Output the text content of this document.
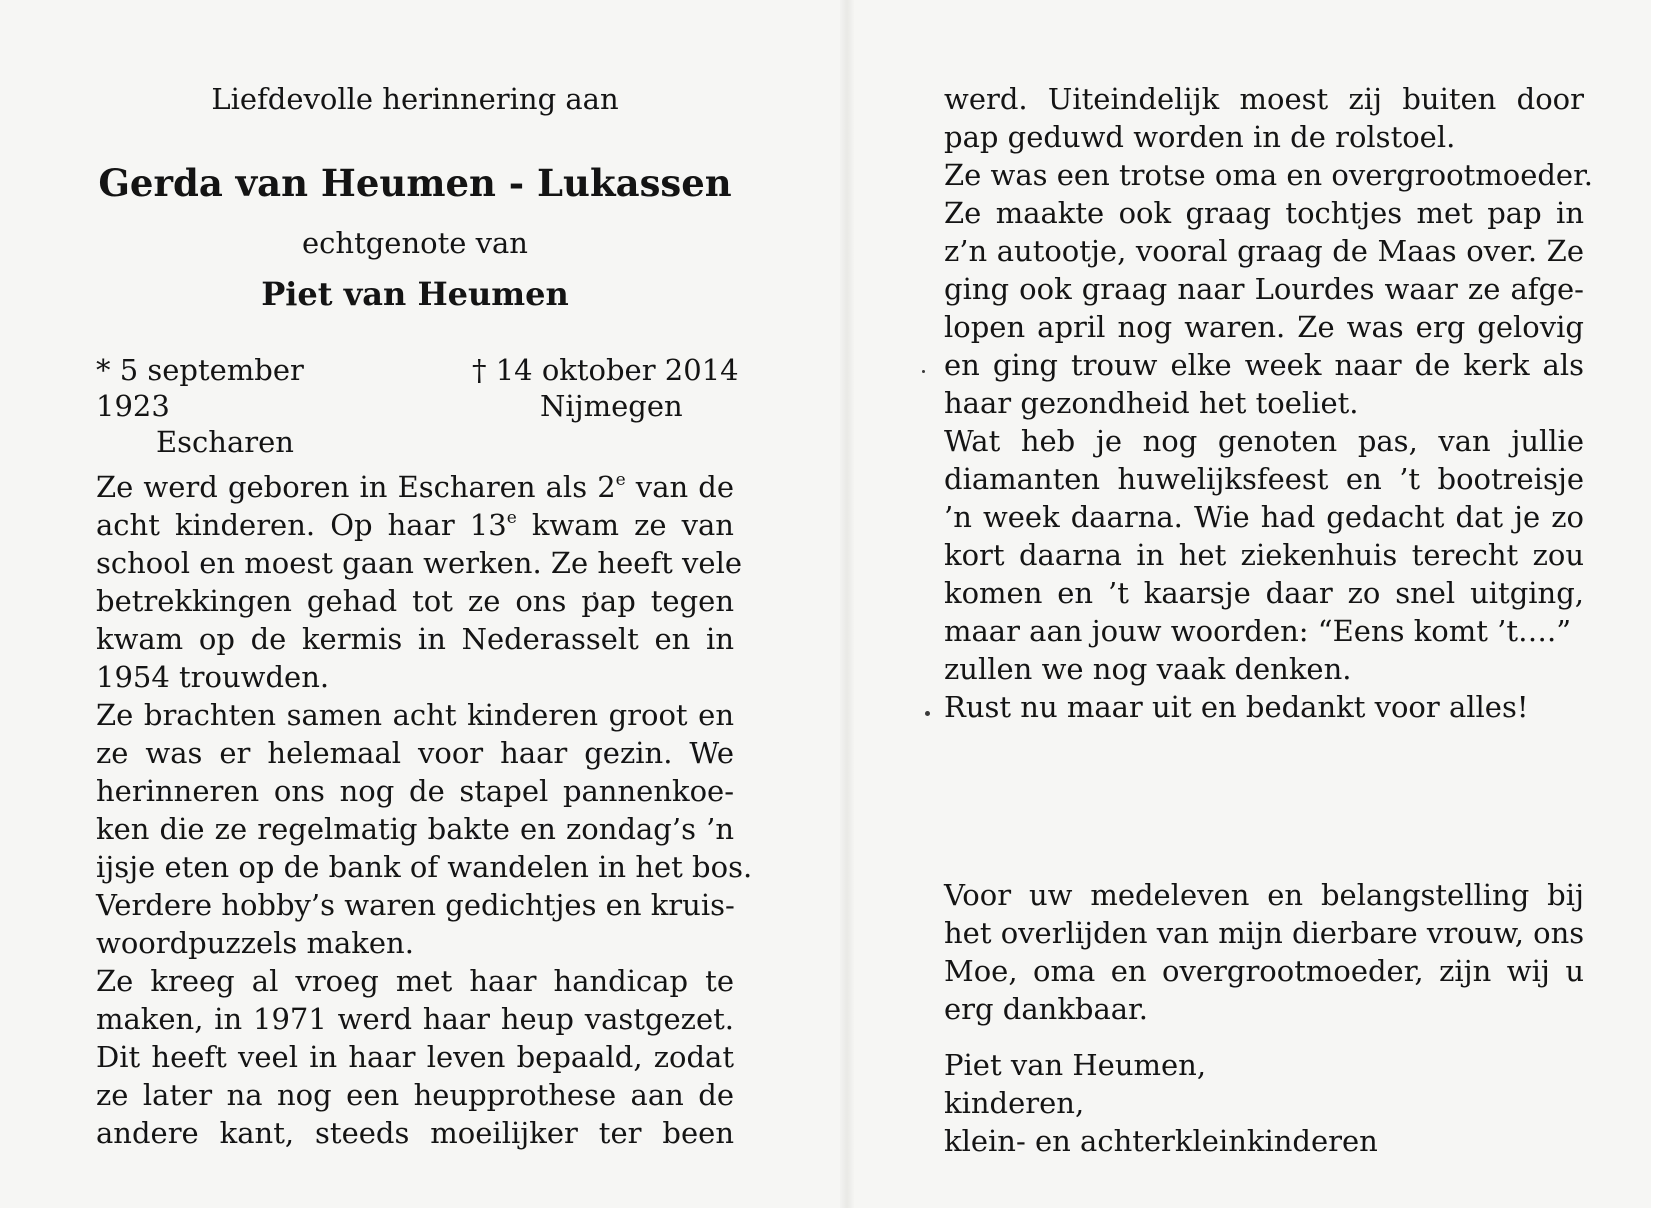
Liefdevolle herinnering aan
Gerda van Heumen - Lukassen
echtgenote van
Piet van Heumen
* 5 september 1923
Escharen
† 14 oktober 2014
Nijmegen
Ze werd geboren in Escharen als 2e van de
acht kinderen. Op haar 13e kwam ze van
school en moest gaan werken. Ze heeft vele
betrekkingen gehad tot ze ons pap tegen
kwam op de kermis in Nederasselt en in
1954 trouwden.
Ze brachten samen acht kinderen groot en
ze was er helemaal voor haar gezin. We
herinneren ons nog de stapel pannenkoe-
ken die ze regelmatig bakte en zondag’s ’n
ijsje eten op de bank of wandelen in het bos.
Verdere hobby’s waren gedichtjes en kruis-
woordpuzzels maken.
Ze kreeg al vroeg met haar handicap te
maken, in 1971 werd haar heup vastgezet.
Dit heeft veel in haar leven bepaald, zodat
ze later na nog een heupprothese aan de
andere kant, steeds moeilijker ter been
werd. Uiteindelijk moest zij buiten door
pap geduwd worden in de rolstoel.
Ze was een trotse oma en overgrootmoeder.
Ze maakte ook graag tochtjes met pap in
z’n autootje, vooral graag de Maas over. Ze
ging ook graag naar Lourdes waar ze afge-
lopen april nog waren. Ze was erg gelovig
en ging trouw elke week naar de kerk als
haar gezondheid het toeliet.
Wat heb je nog genoten pas, van jullie
diamanten huwelijksfeest en ’t bootreisje
’n week daarna. Wie had gedacht dat je zo
kort daarna in het ziekenhuis terecht zou
komen en ’t kaarsje daar zo snel uitging,
maar aan jouw woorden: “Eens komt ’t….”
zullen we nog vaak denken.
Rust nu maar uit en bedankt voor alles!
Voor uw medeleven en belangstelling bij
het overlijden van mijn dierbare vrouw, ons
Moe, oma en overgrootmoeder, zijn wij u
erg dankbaar.
Piet van Heumen,
kinderen,
klein- en achterkleinkinderen
